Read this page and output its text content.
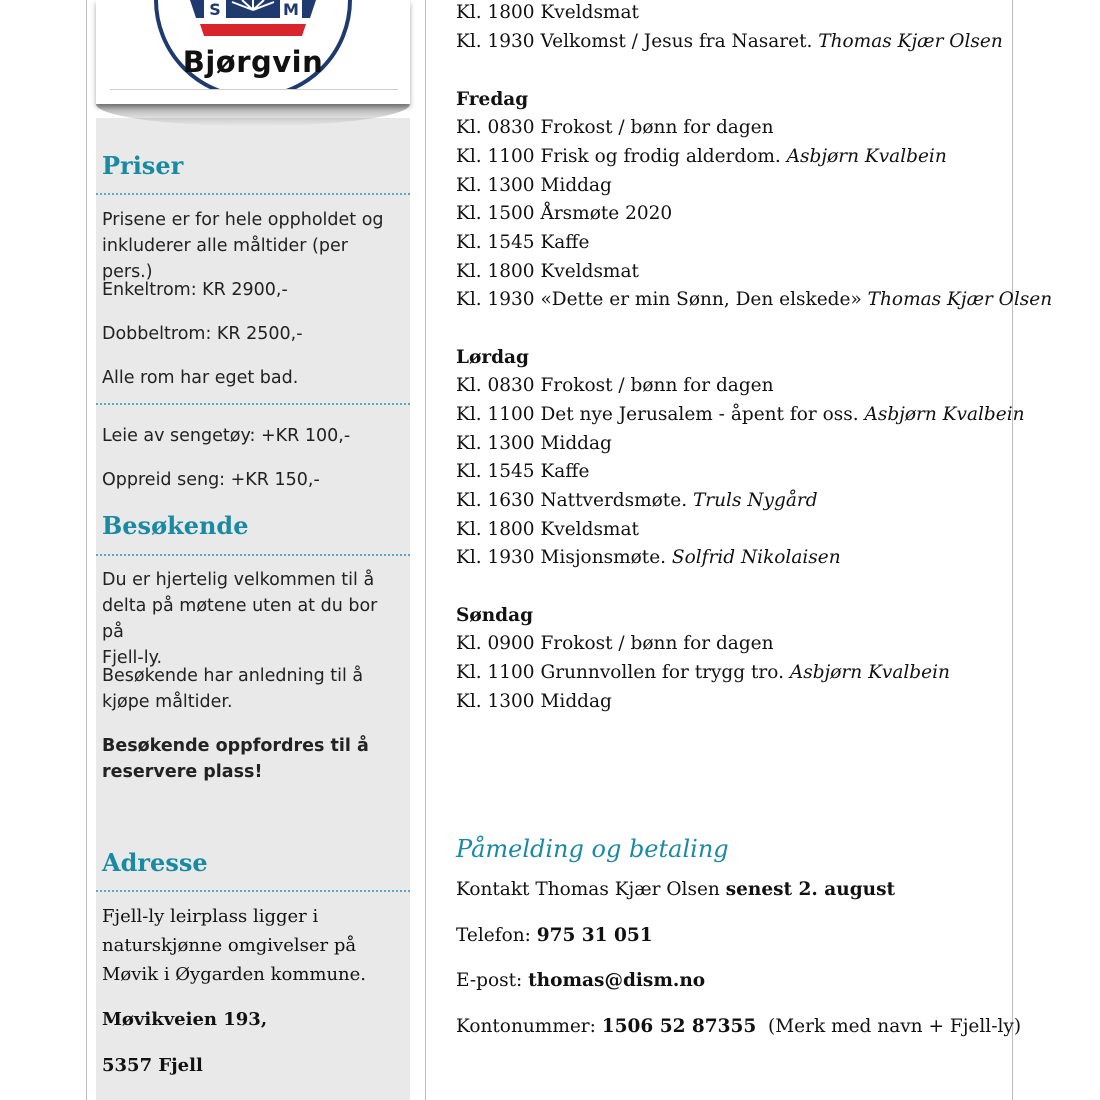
S	M
Bjørgvin
Priser
Prisene er for hele oppholdet og
inkluderer alle måltider (per pers.)
Enkeltrom: KR 2900,-
Dobbeltrom: KR 2500,-
Alle rom har eget bad.
Leie av sengetøy: +KR 100,-
Oppreid seng: +KR 150,-
Besøkende
Du er hjertelig velkommen til å
delta på møtene uten at du bor på
Fjell-ly.
Besøkende har anledning til å
kjøpe måltider.
Besøkende oppfordres til å
reservere plass!
Adresse
Fjell-ly leirplass ligger i
naturskjønne omgivelser på
Møvik i Øygarden kommune.
Møvikveien 193,
5357 Fjell
Kl. 1800 Kveldsmat
Kl. 1930 Velkomst / Jesus fra Nasaret. Thomas Kjær Olsen
Fredag
Kl. 0830 Frokost / bønn for dagen
Kl. 1100 Frisk og frodig alderdom. Asbjørn Kvalbein
Kl. 1300 Middag
Kl. 1500 Årsmøte 2020
Kl. 1545 Kaffe
Kl. 1800 Kveldsmat
Kl. 1930 «Dette er min Sønn, Den elskede» Thomas Kjær Olsen
Lørdag
Kl. 0830 Frokost / bønn for dagen
Kl. 1100 Det nye Jerusalem - åpent for oss. Asbjørn Kvalbein
Kl. 1300 Middag
Kl. 1545 Kaffe
Kl. 1630 Nattverdsmøte. Truls Nygård
Kl. 1800 Kveldsmat
Kl. 1930 Misjonsmøte. Solfrid Nikolaisen
Søndag
Kl. 0900 Frokost / bønn for dagen
Kl. 1100 Grunnvollen for trygg tro. Asbjørn Kvalbein
Kl. 1300 Middag
Påmelding og betaling
Kontakt Thomas Kjær Olsen senest 2. august
Telefon: 975 31 051
E-post: thomas@dism.no
Kontonummer: 1506 52 87355  (Merk med navn + Fjell-ly)
